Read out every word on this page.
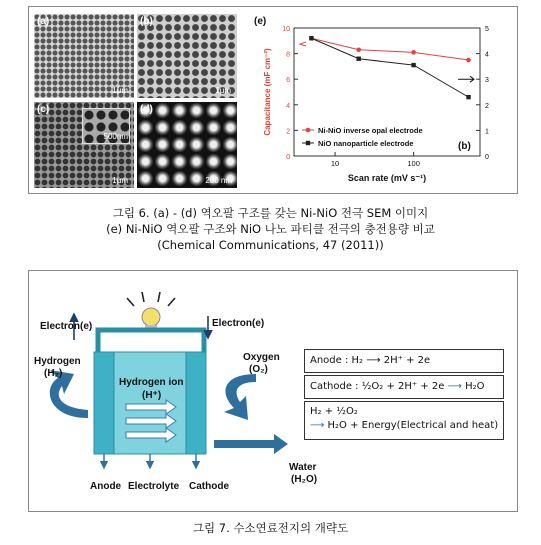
(a)
1μm
(b)
1μm
(c)
500nm
1μm
(d)
200 nm
(e)
(b)
0
2
4
6
8
10
0
1
2
3
4
5
10	100
Scan rate (mV s⁻¹)
Capacitance (mF cm⁻²)	Ni-NiO inverse opal electrode
NiO nanoparticle electrode
그림 6. (a) - (d) 역오팔 구조를 갖는 Ni-NiO 전극 SEM 이미지
(e) Ni-NiO 역오팔 구조와 NiO 나노 파티클 전극의 충전용량 비교
(Chemical Communications, 47 (2011))
Electron(e)	Electron(e)
Hydrogen
(H₂)
Oxygen
(O₂)
Hydrogen ion
(H⁺)
Anode Electrolyte Cathode
Water
(H₂O)
Anode : H₂ ⟶ 2H⁺ + 2e
Cathode : ½O₂ + 2H⁺ + 2e ⟶ H₂O
H₂ + ½O₂
⟶ H₂O + Energy(Electrical and heat)
그림 7. 수소연료전지의 개략도
